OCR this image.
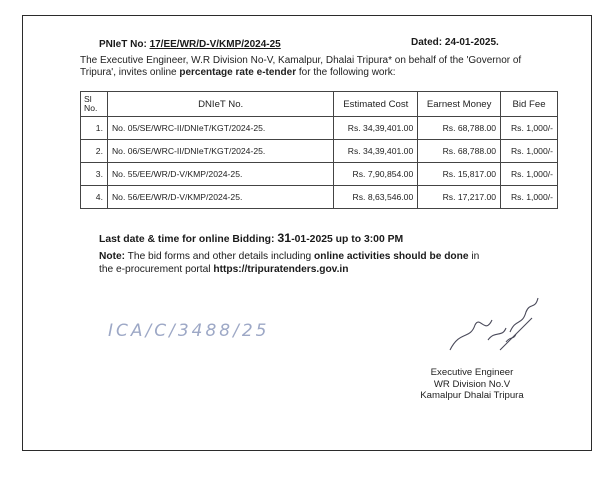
PNIeT No: 17/EE/WR/D-V/KMP/2024-25	Dated: 24-01-2025.
The Executive Engineer, W.R Division No-V, Kamalpur, Dhalai Tripura* on behalf of the 'Governor of
Tripura', invites online percentage rate e-tender for the following work:
Sl No.	DNIeT No.	Estimated Cost	Earnest Money	Bid Fee
1.	No. 05/SE/WRC-II/DNIeT/KGT/2024-25.	Rs. 34,39,401.00	Rs. 68,788.00	Rs. 1,000/-
2.	No. 06/SE/WRC-II/DNIeT/KGT/2024-25.	Rs. 34,39,401.00	Rs. 68,788.00	Rs. 1,000/-
3.	No. 55/EE/WR/D-V/KMP/2024-25.	Rs. 7,90,854.00	Rs. 15,817.00	Rs. 1,000/-
4.	No. 56/EE/WR/D-V/KMP/2024-25.	Rs. 8,63,546.00	Rs. 17,217.00	Rs. 1,000/-
Last date & time for online Bidding: 31-01-2025 up to 3:00 PM
Note: The bid forms and other details including online activities should be done in
the e-procurement portal https://tripuratenders.gov.in
ICA/C/3488/25
Executive Engineer
WR Division No.V
Kamalpur Dhalai Tripura
